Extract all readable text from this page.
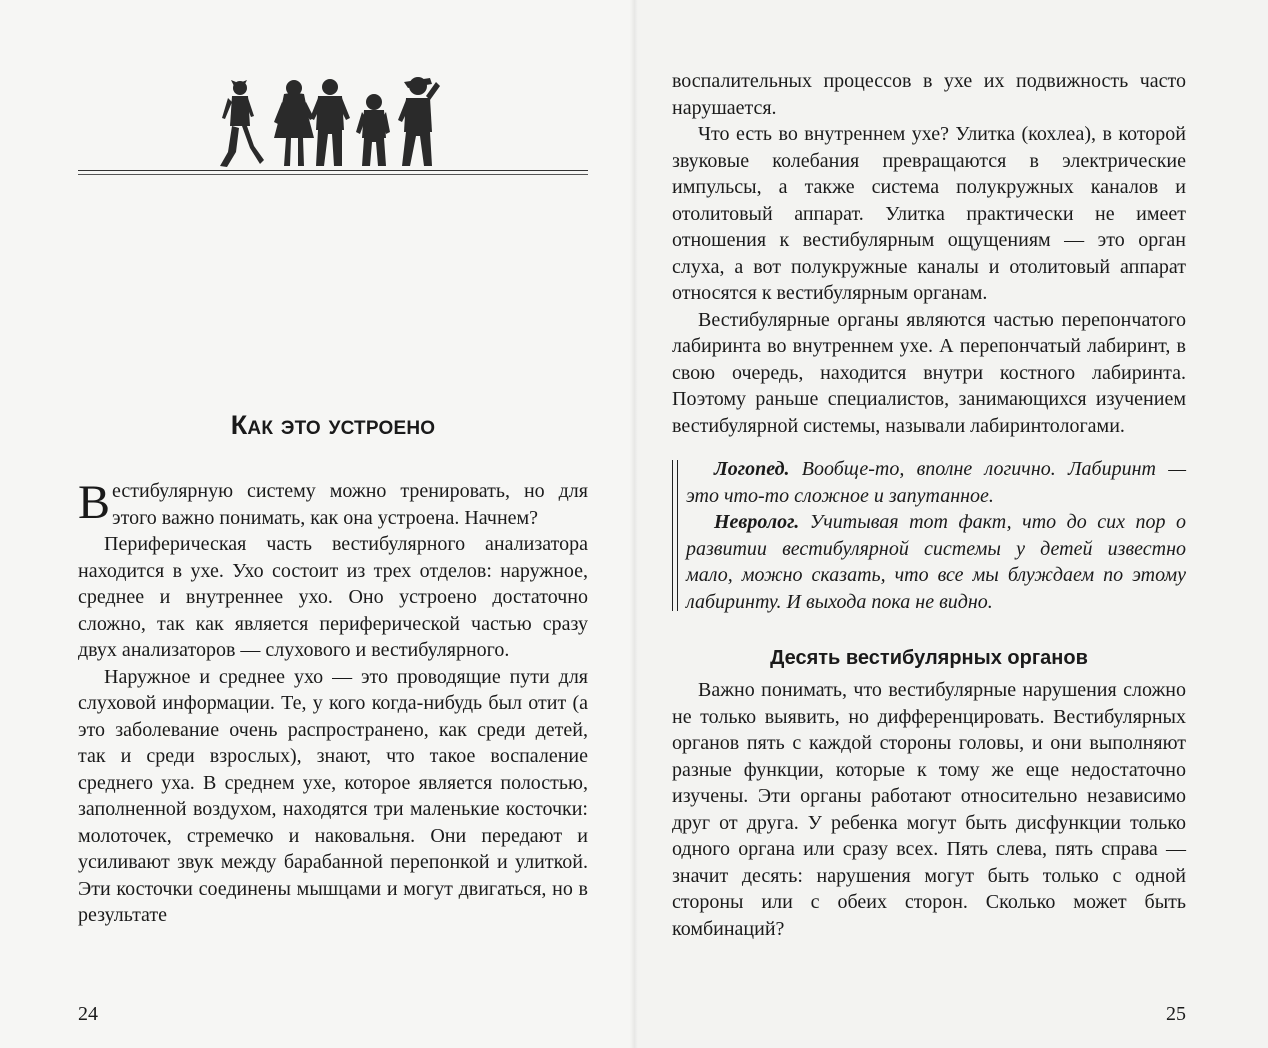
Как это устроено

Вестибулярную систему можно тренировать, но для этого важно понимать, как она устроена. Начнем?

Периферическая часть вестибулярного анализатора находится в ухе. Ухо состоит из трех отделов: наружное, среднее и внутреннее ухо. Оно устроено достаточно сложно, так как является периферической частью сразу двух анализаторов — слухового и вестибулярного.

Наружное и среднее ухо — это проводящие пути для слуховой информации. Те, у кого когда-нибудь был отит (а это заболевание очень распространено, как среди детей, так и среди взрослых), знают, что такое воспаление среднего уха. В среднем ухе, которое является полостью, заполненной воздухом, находятся три маленькие косточки: молоточек, стремечко и наковальня. Они передают и усиливают звук между барабанной перепонкой и улиткой. Эти косточки соединены мышцами и могут двигаться, но в результате

24

воспалительных процессов в ухе их подвижность часто нарушается.

Что есть во внутреннем ухе? Улитка (кохлеа), в которой звуковые колебания превращаются в электрические импульсы, а также система полукружных каналов и отолитовый аппарат. Улитка практически не имеет отношения к вестибулярным ощущениям — это орган слуха, а вот полукружные каналы и отолитовый аппарат относятся к вестибулярным органам.

Вестибулярные органы являются частью перепончатого лабиринта во внутреннем ухе. А перепончатый лабиринт, в свою очередь, находится внутри костного лабиринта. Поэтому раньше специалистов, занимающихся изучением вестибулярной системы, называли лабиринтологами.

Логопед. Вообще-то, вполне логично. Лабиринт — это что-то сложное и запутанное.

Невролог. Учитывая тот факт, что до сих пор о развитии вестибулярной системы у детей известно мало, можно сказать, что все мы блуждаем по этому лабиринту. И выхода пока не видно.

Десять вестибулярных органов

Важно понимать, что вестибулярные нарушения сложно не только выявить, но дифференцировать. Вестибулярных органов пять с каждой стороны головы, и они выполняют разные функции, которые к тому же еще недостаточно изучены. Эти органы работают относительно независимо друг от друга. У ребенка могут быть дисфункции только одного органа или сразу всех. Пять слева, пять справа — значит десять: нарушения могут быть только с одной стороны или с обеих сторон. Сколько может быть комбинаций?

25
